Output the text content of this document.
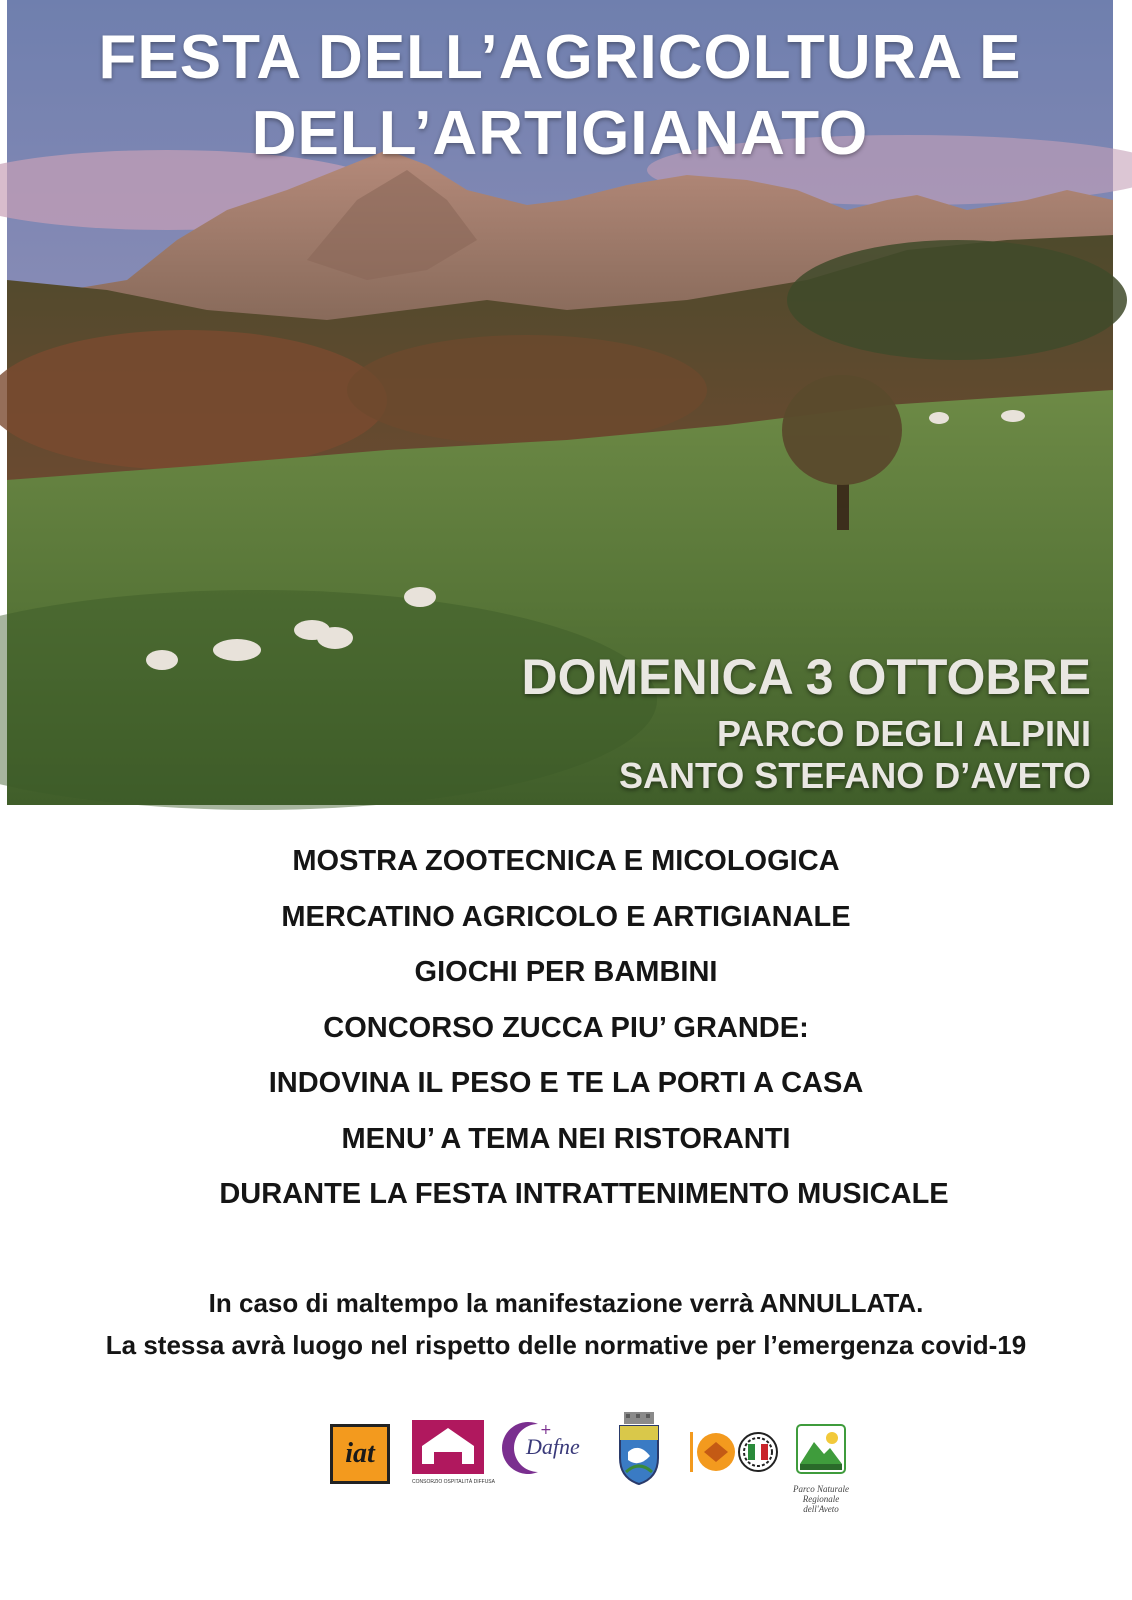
FESTA DELL’AGRICOLTURA E
DELL’ARTIGIANATO
DOMENICA 3 OTTOBRE
PARCO DEGLI ALPINI
SANTO STEFANO D’AVETO
MOSTRA ZOOTECNICA E MICOLOGICA
MERCATINO AGRICOLO E ARTIGIANALE
GIOCHI PER BAMBINI
CONCORSO ZUCCA PIU’ GRANDE:
INDOVINA IL PESO E TE LA PORTI A CASA
MENU’ A TEMA NEI RISTORANTI
DURANTE LA FESTA INTRATTENIMENTO MUSICALE
In caso di maltempo la manifestazione verrà ANNULLATA.
La stessa avrà luogo nel rispetto delle normative per l’emergenza covid-19
iat
CONSORZIO OSPITALITÀ DIFFUSA
+
Dafne
Parco Naturale
Regionale
dell'Aveto
